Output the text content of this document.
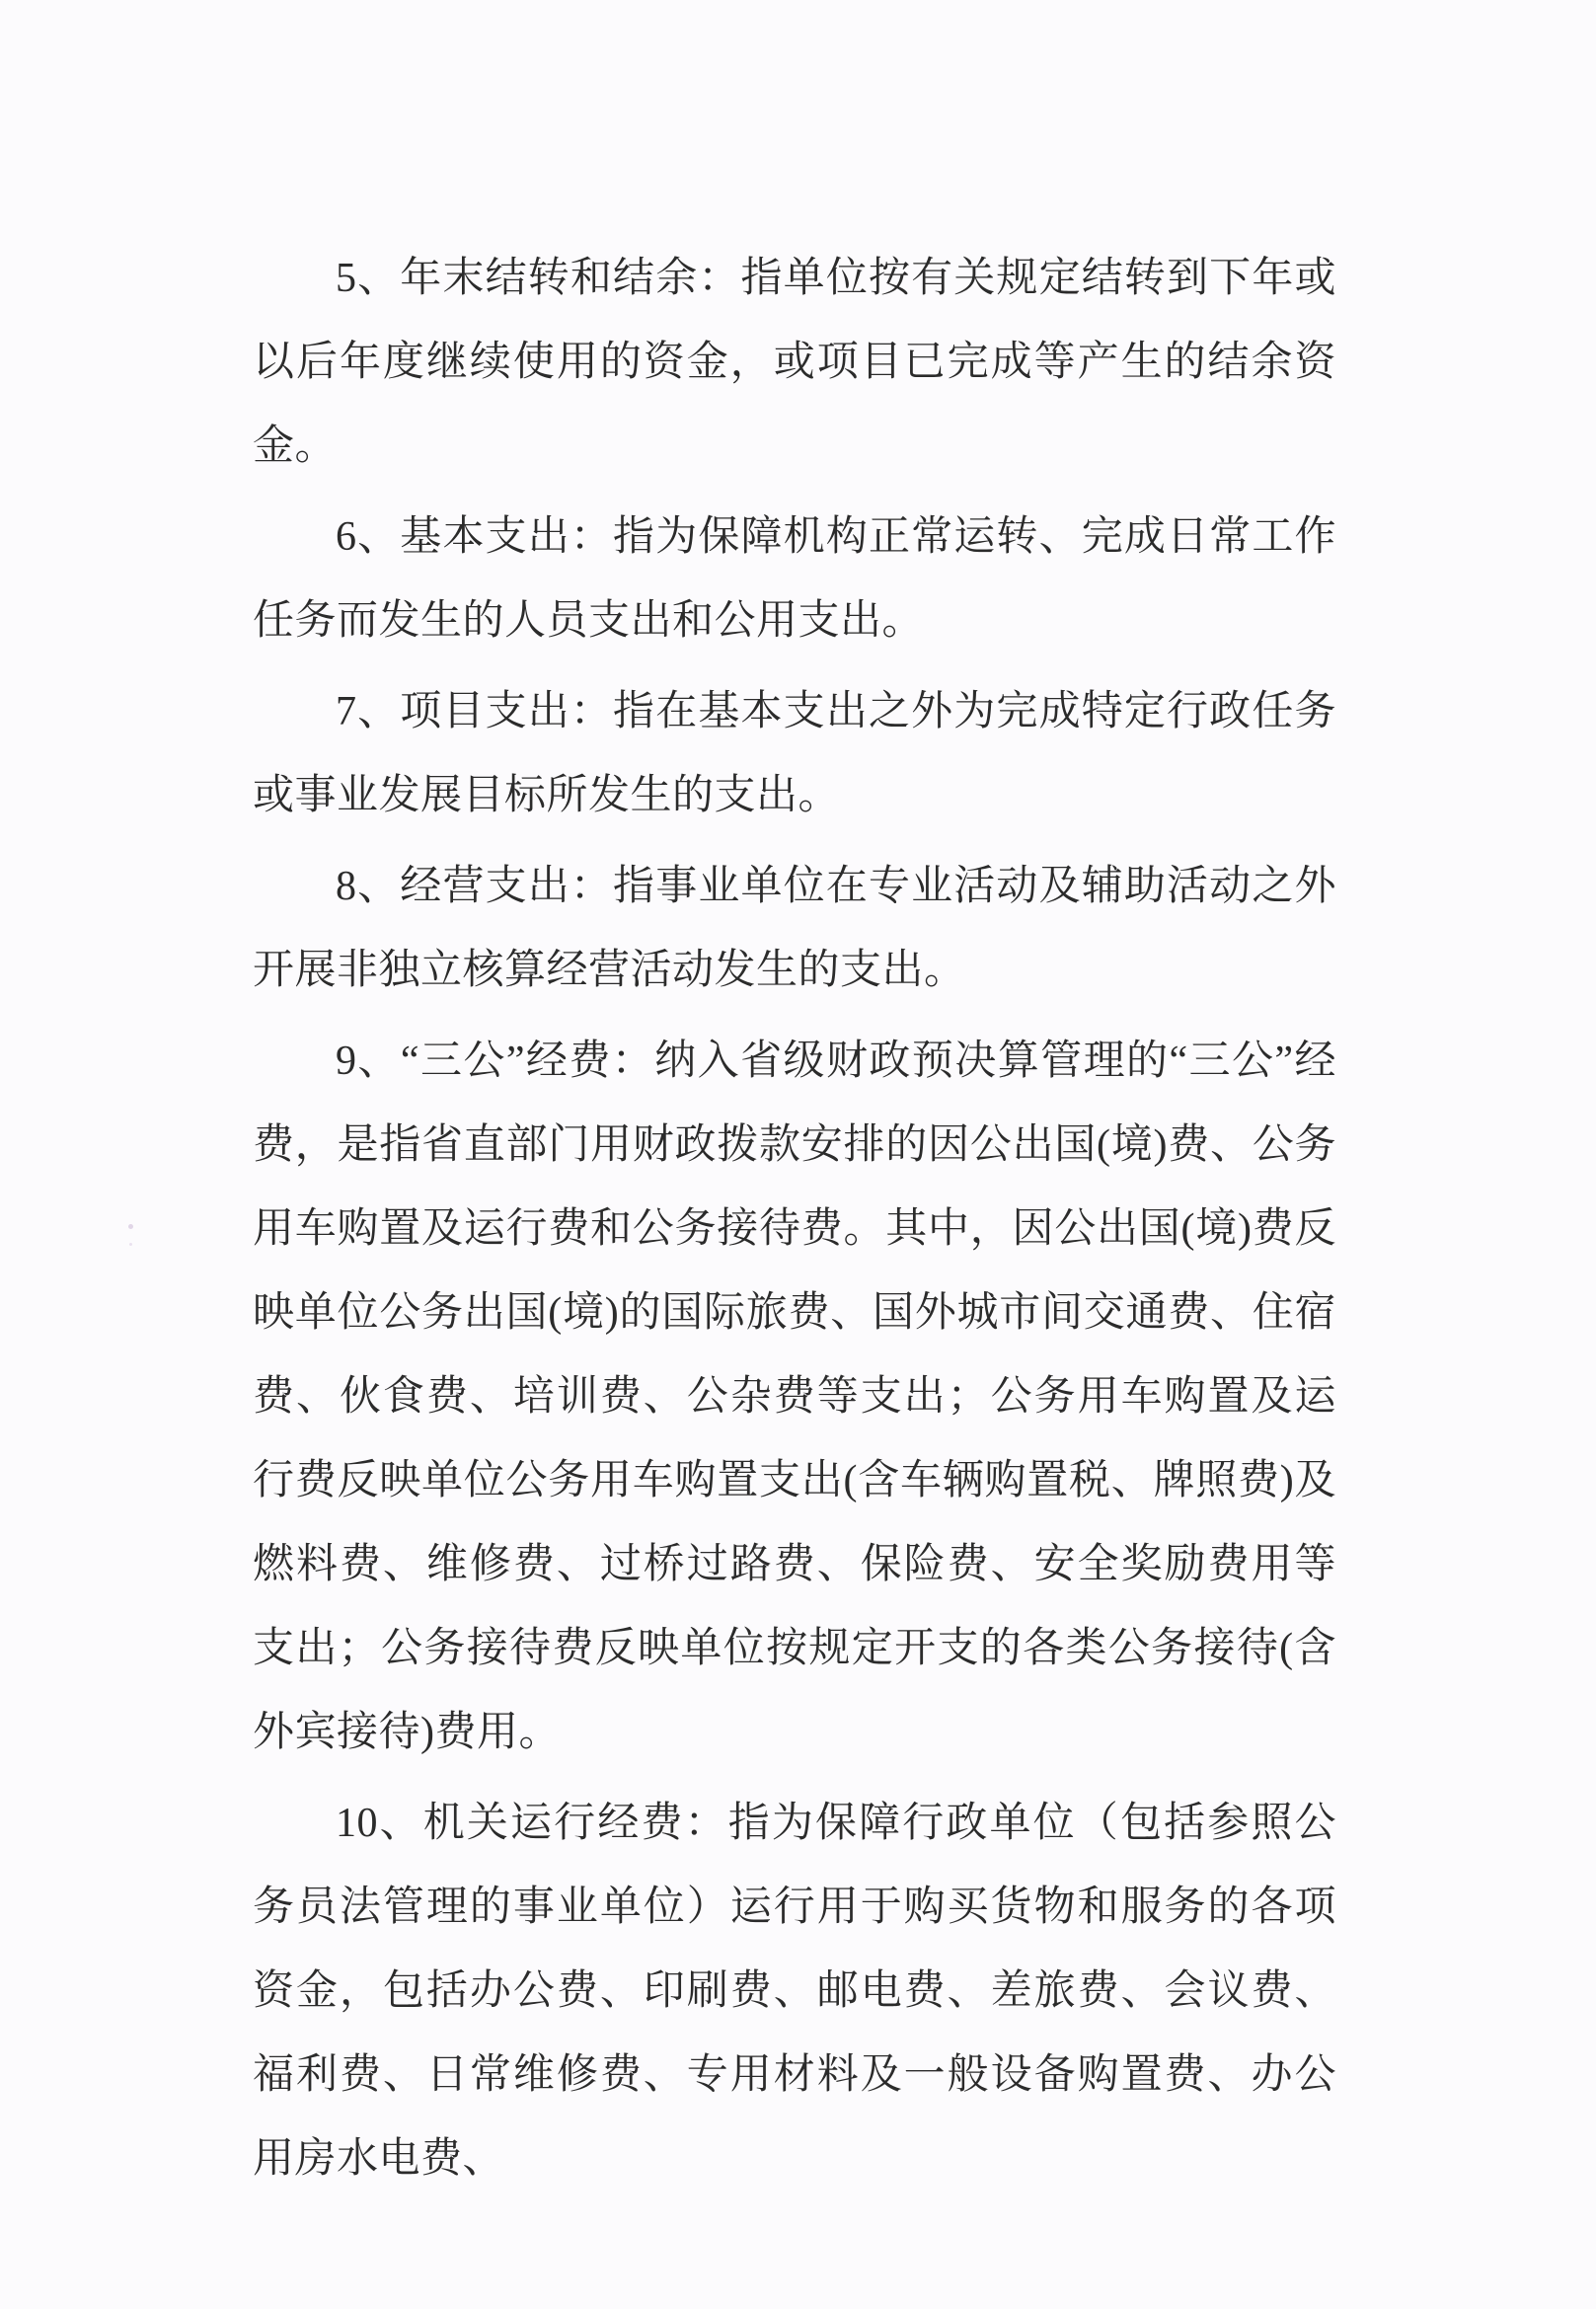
5、年末结转和结余：指单位按有关规定结转到下年或以后年度继续使用的资金，或项目已完成等产生的结余资金。

6、基本支出：指为保障机构正常运转、完成日常工作任务而发生的人员支出和公用支出。

7、项目支出：指在基本支出之外为完成特定行政任务或事业发展目标所发生的支出。

8、经营支出：指事业单位在专业活动及辅助活动之外开展非独立核算经营活动发生的支出。

9、“三公”经费：纳入省级财政预决算管理的“三公”经费，是指省直部门用财政拨款安排的因公出国(境)费、公务用车购置及运行费和公务接待费。其中，因公出国(境)费反映单位公务出国(境)的国际旅费、国外城市间交通费、住宿费、伙食费、培训费、公杂费等支出；公务用车购置及运行费反映单位公务用车购置支出(含车辆购置税、牌照费)及燃料费、维修费、过桥过路费、保险费、安全奖励费用等支出；公务接待费反映单位按规定开支的各类公务接待(含外宾接待)费用。

10、机关运行经费：指为保障行政单位（包括参照公务员法管理的事业单位）运行用于购买货物和服务的各项资金，包括办公费、印刷费、邮电费、差旅费、会议费、福利费、日常维修费、专用材料及一般设备购置费、办公用房水电费、
